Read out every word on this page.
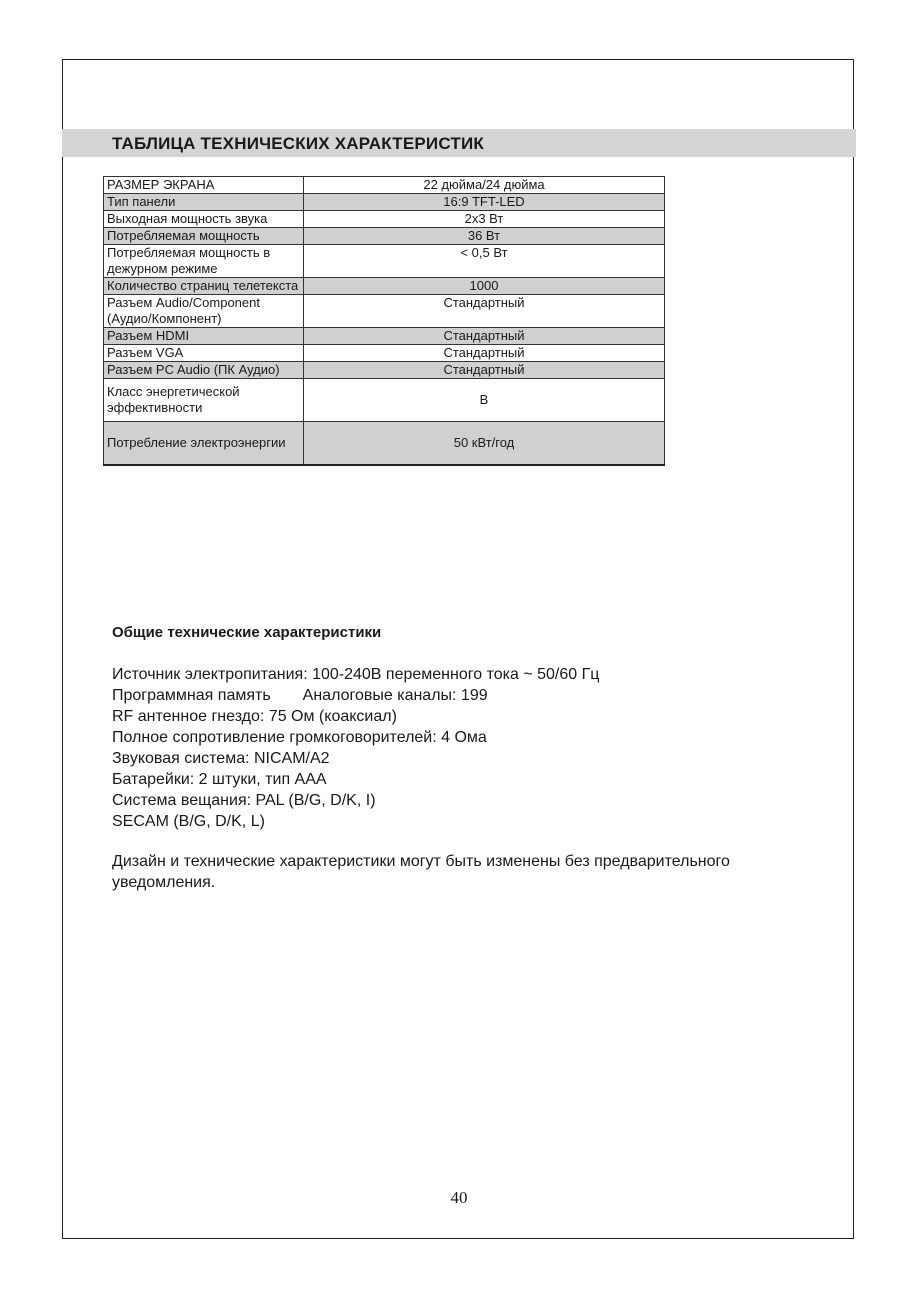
ТАБЛИЦА ТЕХНИЧЕСКИХ ХАРАКТЕРИСТИК
РАЗМЕР ЭКРАНА	22 дюйма/24 дюйма
Тип панели	16:9 TFT-LED
Выходная мощность звука	2x3 Вт
Потребляемая мощность	36 Вт
Потребляемая мощность в дежурном режиме	< 0,5 Вт
Количество страниц телетекста	1000
Разъем Audio/Component (Аудио/Компонент)	Стандартный
Разъем HDMI	Стандартный
Разъем VGA	Стандартный
Разъем PC Audio (ПК Аудио)	Стандартный
Класс энергетической эффективности	B
Потребление электроэнергии	50 кВт/год
Общие технические характеристики
Источник электропитания: 100-240В переменного тока ~ 50/60 Гц
Программная память Аналоговые каналы: 199
RF антенное гнездо: 75 Ом (коаксиал)
Полное сопротивление громкоговорителей: 4 Ома
Звуковая система: NICAM/A2
Батарейки: 2 штуки, тип AAA
Система вещания: PAL (B/G, D/K, I)
SECAM (B/G, D/K, L)
Дизайн и технические характеристики могут быть изменены без предварительного уведомления.
40
